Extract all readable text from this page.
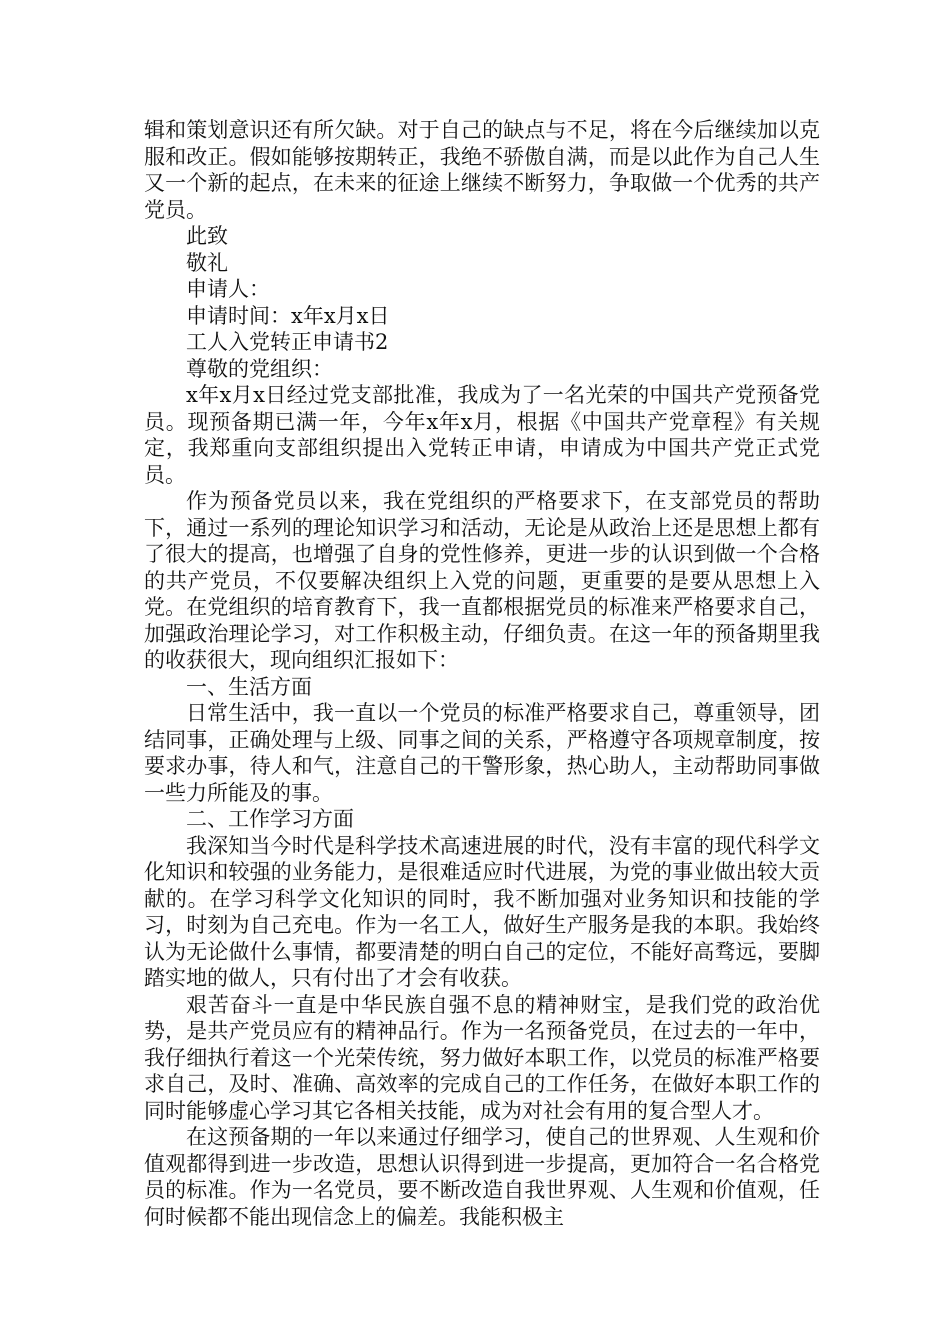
辑和策划意识还有所欠缺。对于自己的缺点与不足，将在今后继续加以克服和改正。假如能够按期转正，我绝不骄傲自满，而是以此作为自己人生又一个新的起点，在未来的征途上继续不断努力，争取做一个优秀的共产党员。

此致

敬礼

申请人：

申请时间：x年x月x日

工人入党转正申请书2

尊敬的党组织：

x年x月x日经过党支部批准，我成为了一名光荣的中国共产党预备党员。现预备期已满一年，今年x年x月，根据《中国共产党章程》有关规定，我郑重向支部组织提出入党转正申请，申请成为中国共产党正式党员。

作为预备党员以来，我在党组织的严格要求下，在支部党员的帮助下，通过一系列的理论知识学习和活动，无论是从政治上还是思想上都有了很大的提高，也增强了自身的党性修养，更进一步的认识到做一个合格的共产党员，不仅要解决组织上入党的问题，更重要的是要从思想上入党。在党组织的培育教育下，我一直都根据党员的标准来严格要求自己，加强政治理论学习，对工作积极主动，仔细负责。在这一年的预备期里我的收获很大，现向组织汇报如下：

一、生活方面

日常生活中，我一直以一个党员的标准严格要求自己，尊重领导，团结同事，正确处理与上级、同事之间的关系，严格遵守各项规章制度，按要求办事，待人和气，注意自己的干警形象，热心助人，主动帮助同事做一些力所能及的事。

二、工作学习方面

我深知当今时代是科学技术高速进展的时代，没有丰富的现代科学文化知识和较强的业务能力，是很难适应时代进展，为党的事业做出较大贡献的。在学习科学文化知识的同时，我不断加强对业务知识和技能的学习，时刻为自己充电。作为一名工人，做好生产服务是我的本职。我始终认为无论做什么事情，都要清楚的明白自己的定位，不能好高骛远，要脚踏实地的做人，只有付出了才会有收获。

艰苦奋斗一直是中华民族自强不息的精神财宝，是我们党的政治优势，是共产党员应有的精神品行。作为一名预备党员，在过去的一年中，我仔细执行着这一个光荣传统，努力做好本职工作，以党员的标准严格要求自己，及时、准确、高效率的完成自己的工作任务，在做好本职工作的同时能够虚心学习其它各相关技能，成为对社会有用的复合型人才。

在这预备期的一年以来通过仔细学习，使自己的世界观、人生观和价值观都得到进一步改造，思想认识得到进一步提高，更加符合一名合格党员的标准。作为一名党员，要不断改造自我世界观、人生观和价值观，任何时候都不能出现信念上的偏差。我能积极主
